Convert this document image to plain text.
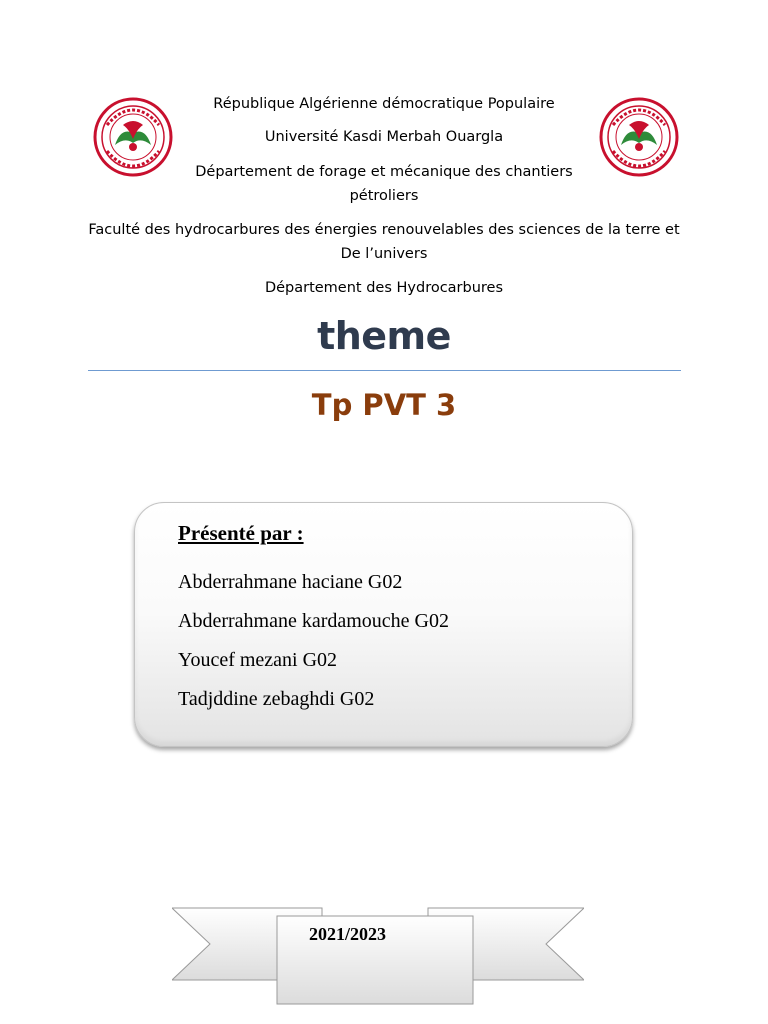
République Algérienne démocratique Populaire
Université Kasdi Merbah Ouargla
Département de forage et mécanique des chantiers
pétroliers
Faculté des hydrocarbures des énergies renouvelables des sciences de la terre et
De l’univers
Département des Hydrocarbures
theme
Tp PVT 3
Présenté par :
Abderrahmane haciane G02
Abderrahmane kardamouche G02
Youcef mezani G02
Tadjddine zebaghdi G02
2021/2023
